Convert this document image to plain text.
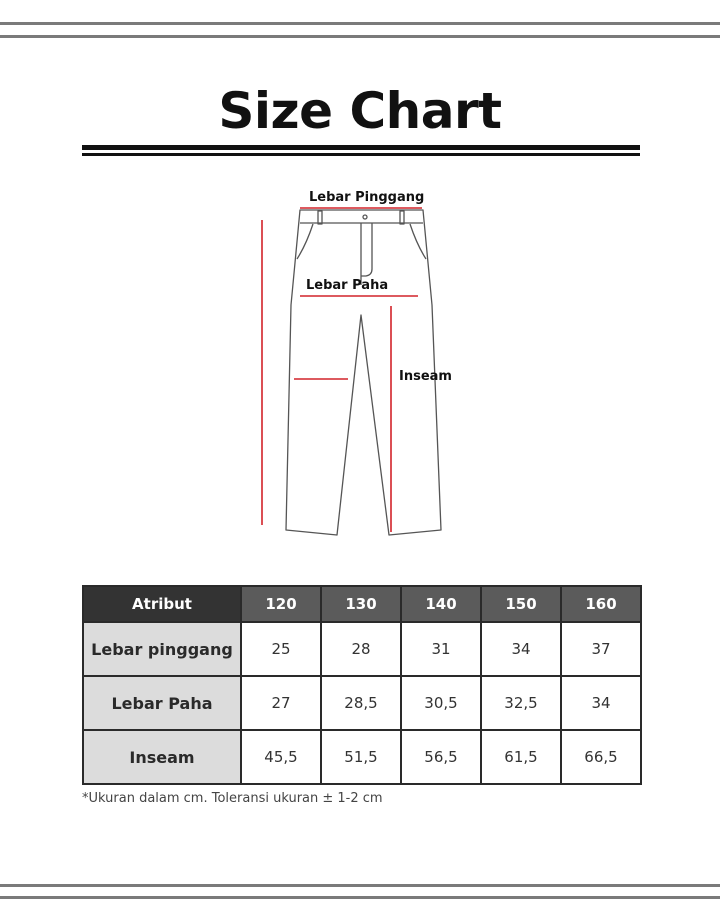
Size Chart
Lebar Pinggang
Lebar Paha
Inseam
Atribut	120	130	140	150	160
Lebar pinggang	25	28	31	34	37
Lebar Paha	27	28,5	30,5	32,5	34
Inseam	45,5	51,5	56,5	61,5	66,5
*Ukuran dalam cm. Toleransi ukuran ± 1-2 cm
